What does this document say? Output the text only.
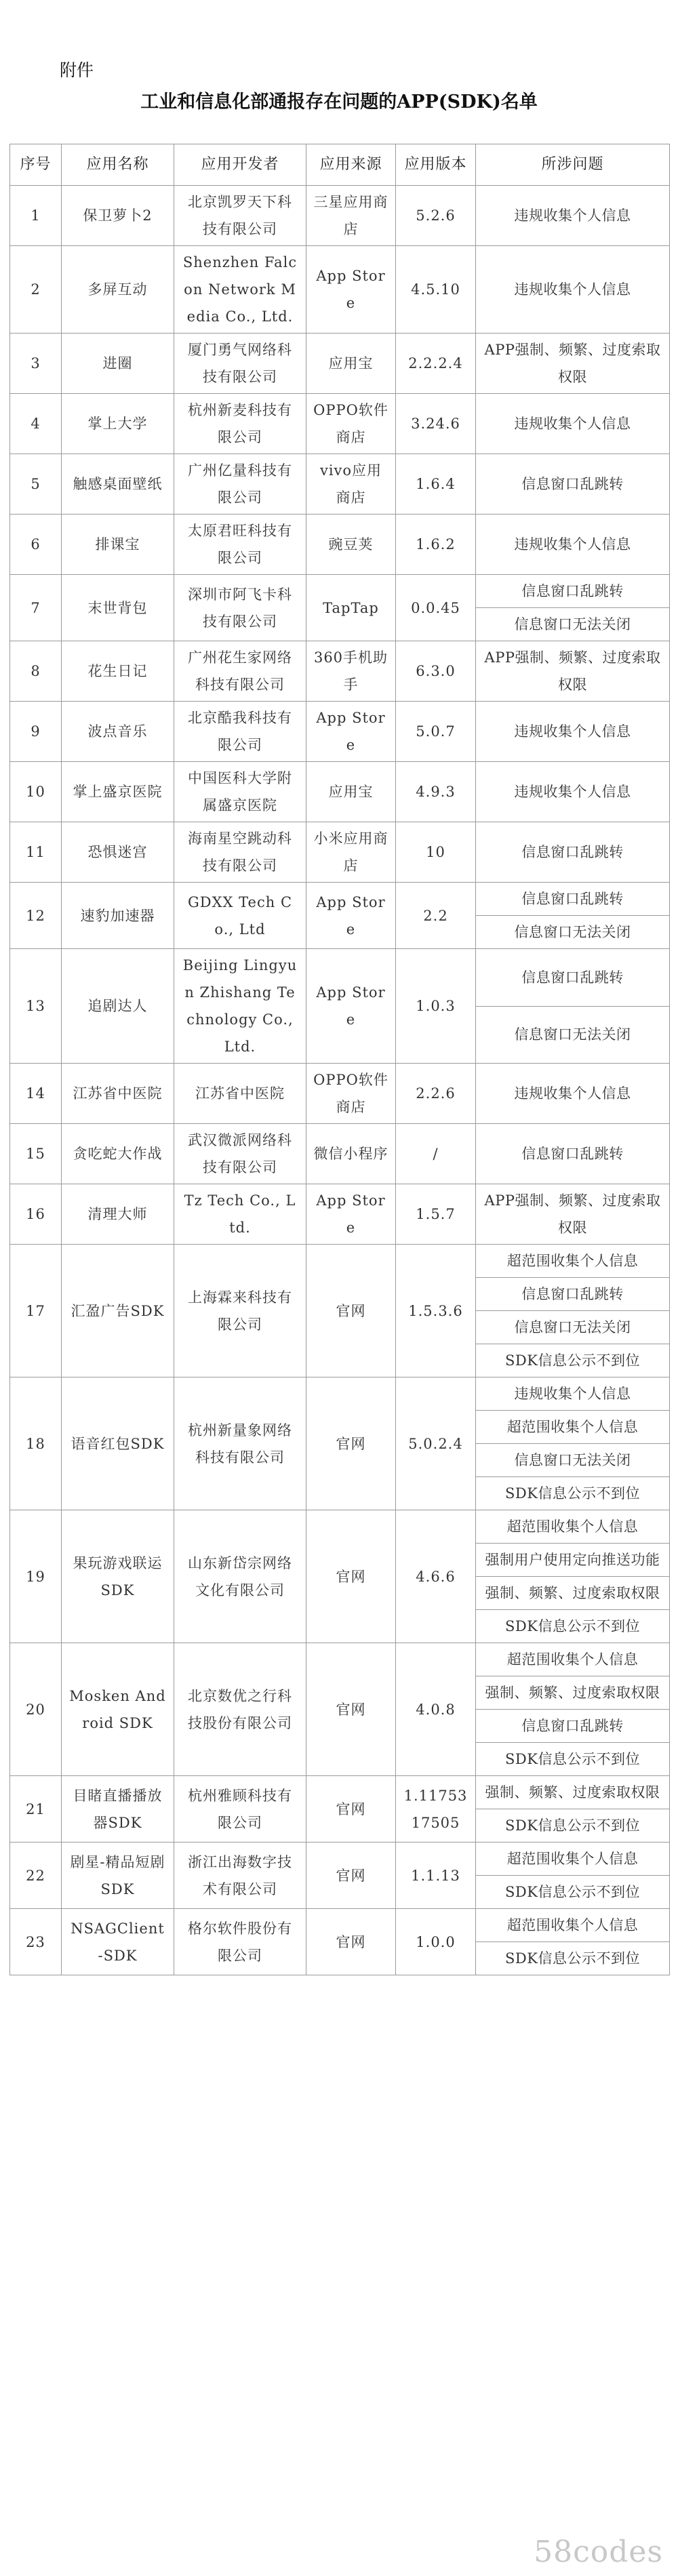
附件
工业和信息化部通报存在问题的APP(SDK)名单
序号	应用名称	应用开发者	应用来源	应用版本	所涉问题
1	保卫萝卜2	北京凯罗天下科技有限公司	三星应用商店	5.2.6	违规收集个人信息
2	多屏互动	Shenzhen Falcon Network Media Co., Ltd.	App Store	4.5.10	违规收集个人信息
3	进圈	厦门勇气网络科技有限公司	应用宝	2.2.2.4	APP强制、频繁、过度索取权限
4	掌上大学	杭州新麦科技有限公司	OPPO软件商店	3.24.6	违规收集个人信息
5	触感桌面壁纸	广州亿量科技有限公司	vivo应用商店	1.6.4	信息窗口乱跳转
6	排课宝	太原君旺科技有限公司	豌豆荚	1.6.2	违规收集个人信息
7	末世背包	深圳市阿飞卡科技有限公司	TapTap	0.0.45	信息窗口乱跳转
					信息窗口无法关闭
8	花生日记	广州花生家网络科技有限公司	360手机助手	6.3.0	APP强制、频繁、过度索取权限
9	波点音乐	北京酷我科技有限公司	App Store	5.0.7	违规收集个人信息
10	掌上盛京医院	中国医科大学附属盛京医院	应用宝	4.9.3	违规收集个人信息
11	恐惧迷宫	海南星空跳动科技有限公司	小米应用商店	10	信息窗口乱跳转
12	速豹加速器	GDXX Tech Co., Ltd	App Store	2.2	信息窗口乱跳转
					信息窗口无法关闭
13	追剧达人	Beijing Lingyun Zhishang Technology Co., Ltd.	App Store	1.0.3	信息窗口乱跳转
					信息窗口无法关闭
14	江苏省中医院	江苏省中医院	OPPO软件商店	2.2.6	违规收集个人信息
15	贪吃蛇大作战	武汉微派网络科技有限公司	微信小程序	/	信息窗口乱跳转
16	清理大师	Tz Tech Co., Ltd.	App Store	1.5.7	APP强制、频繁、过度索取权限
17	汇盈广告SDK	上海霖来科技有限公司	官网	1.5.3.6	超范围收集个人信息
					信息窗口乱跳转
					信息窗口无法关闭
					SDK信息公示不到位
18	语音红包SDK	杭州新量象网络科技有限公司	官网	5.0.2.4	违规收集个人信息
					超范围收集个人信息
					信息窗口无法关闭
					SDK信息公示不到位
19	果玩游戏联运SDK	山东新岱宗网络文化有限公司	官网	4.6.6	超范围收集个人信息
					强制用户使用定向推送功能
					强制、频繁、过度索取权限
					SDK信息公示不到位
20	Mosken Android SDK	北京数优之行科技股份有限公司	官网	4.0.8	超范围收集个人信息
					强制、频繁、过度索取权限
					信息窗口乱跳转
					SDK信息公示不到位
21	目睹直播播放器SDK	杭州雅顾科技有限公司	官网	1.1175317505	强制、频繁、过度索取权限
					SDK信息公示不到位
22	剧星-精品短剧SDK	浙江出海数字技术有限公司	官网	1.1.13	超范围收集个人信息
					SDK信息公示不到位
23	NSAGClient-SDK	格尔软件股份有限公司	官网	1.0.0	超范围收集个人信息
					SDK信息公示不到位
58codes
